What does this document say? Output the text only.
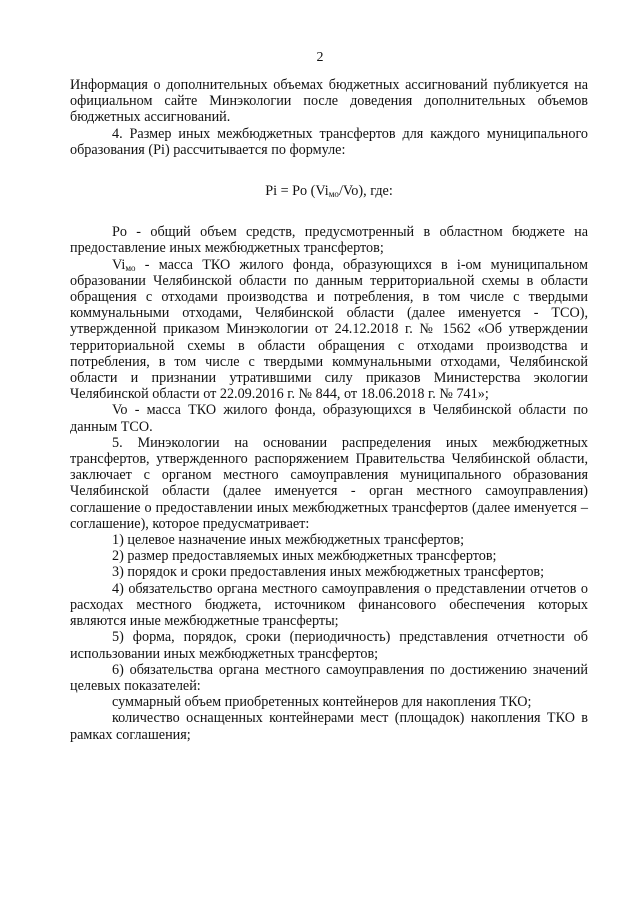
2

Информация о дополнительных объемах бюджетных ассигнований публикуется на официальном сайте Минэкологии после доведения дополнительных объемов бюджетных ассигнований.

4. Размер иных межбюджетных трансфертов для каждого муниципального образования (Pi) рассчитывается по формуле:

Pi = Po $(Vi_{мо}/Vo)$, где:

Po - общий объем средств, предусмотренный в областном бюджете на предоставление иных межбюджетных трансфертов;

$Vi_{мо}$ - масса ТКО жилого фонда, образующихся в i-ом муниципальном образовании Челябинской области по данным территориальной схемы в области обращения с отходами производства и потребления, в том числе с твердыми коммунальными отходами, Челябинской области (далее именуется - ТСО), утвержденной приказом Минэкологии от 24.12.2018 г. № 1562 «Об утверждении территориальной схемы в области обращения с отходами производства и потребления, в том числе с твердыми коммунальными отходами, Челябинской области и признании утратившими силу приказов Министерства экологии Челябинской области от 22.09.2016 г. № 844, от 18.06.2018 г. № 741»;

Vo - масса ТКО жилого фонда, образующихся в Челябинской области по данным ТСО.

5. Минэкологии на основании распределения иных межбюджетных трансфертов, утвержденного распоряжением Правительства Челябинской области, заключает с органом местного самоуправления муниципального образования Челябинской области (далее именуется - орган местного самоуправления) соглашение о предоставлении иных межбюджетных трансфертов (далее именуется – соглашение), которое предусматривает:

1) целевое назначение иных межбюджетных трансфертов;

2) размер предоставляемых иных межбюджетных трансфертов;

3) порядок и сроки предоставления иных межбюджетных трансфертов;

4) обязательство органа местного самоуправления о представлении отчетов о расходах местного бюджета, источником финансового обеспечения которых являются иные межбюджетные трансферты;

5) форма, порядок, сроки (периодичность) представления отчетности об использовании иных межбюджетных трансфертов;

6) обязательства органа местного самоуправления по достижению значений целевых показателей:

суммарный объем приобретенных контейнеров для накопления ТКО;

количество оснащенных контейнерами мест (площадок) накопления ТКО в рамках соглашения;
